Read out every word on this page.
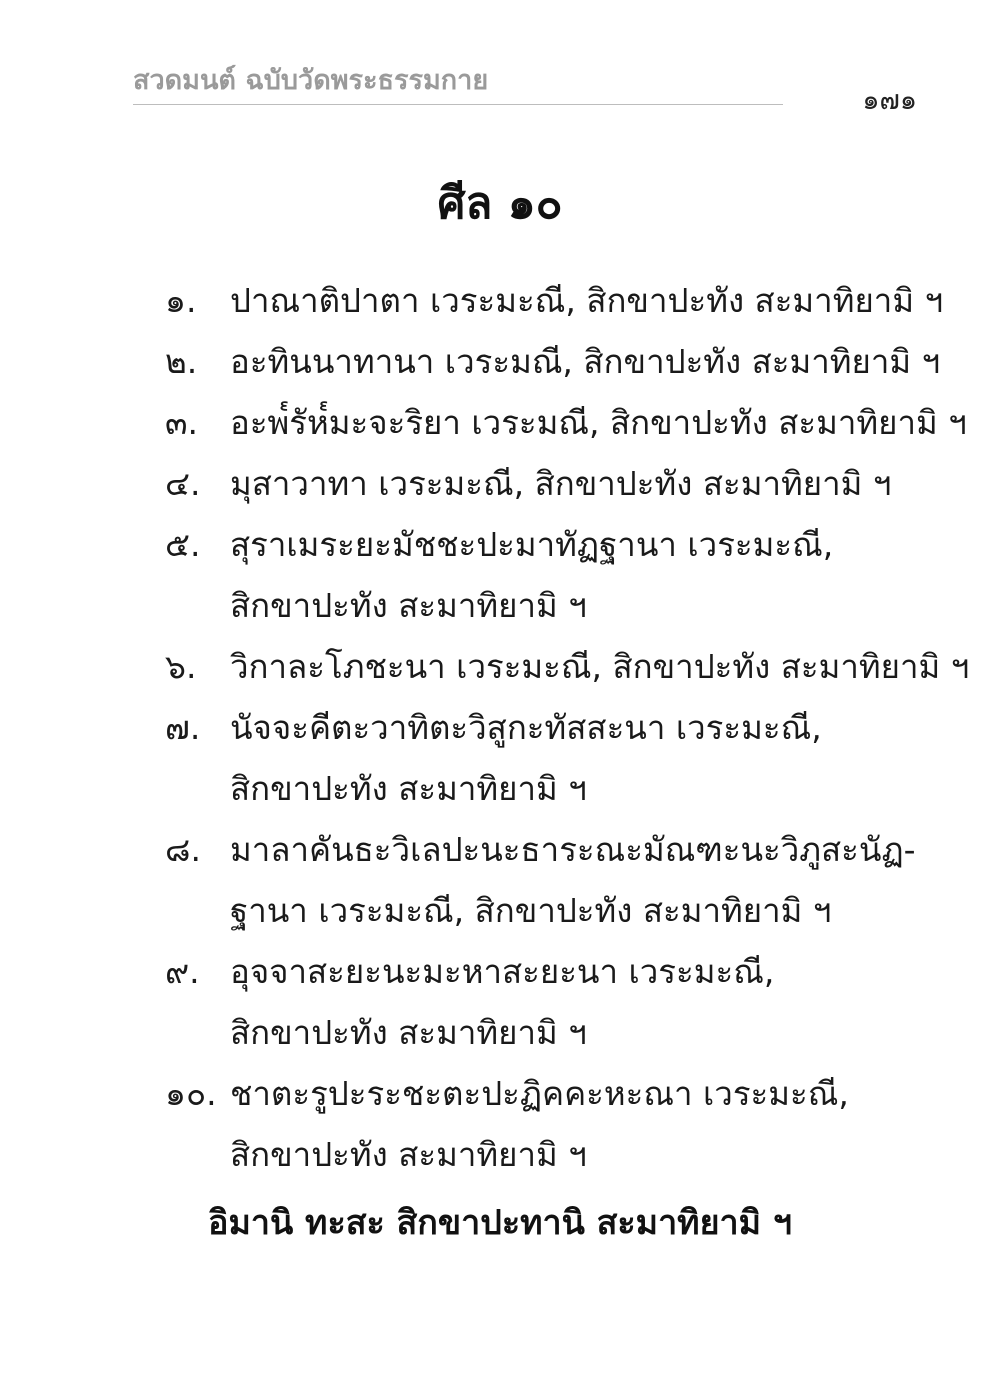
สวดมนต์ ฉบับวัดพระธรรมกาย
๑๗๑
ศีล ๑๐
๑.	ปาณาติปาตา เวระมะณี, สิกขาปะทัง สะมาทิยามิ ฯ
๒. อะทินนาทานา เวระมณี, สิกขาปะทัง สะมาทิยามิ ฯ
๓. อะพ๎รัห๎มะจะริยา เวระมณี, สิกขาปะทัง สะมาทิยามิ ฯ
๔. มุสาวาทา เวระมะณี, สิกขาปะทัง สะมาทิยามิ ฯ
๕. สุราเมระยะมัชชะปะมาทัฏฐานา เวระมะณี,
สิกขาปะทัง สะมาทิยามิ ฯ
๖.	วิกาละโภชะนา เวระมะณี, สิกขาปะทัง สะมาทิยามิ ฯ
๗. นัจจะคีตะวาทิตะวิสูกะทัสสะนา เวระมะณี,
สิกขาปะทัง สะมาทิยามิ ฯ
๘. มาลาคันธะวิเลปะนะธาระณะมัณฑะนะวิภูสะนัฏ-
ฐานา เวระมะณี, สิกขาปะทัง สะมาทิยามิ ฯ
๙. อุจจาสะยะนะมะหาสะยะนา เวระมะณี,
สิกขาปะทัง สะมาทิยามิ ฯ
๑๐. ชาตะรูปะระชะตะปะฏิคคะหะณา เวระมะณี,
สิกขาปะทัง สะมาทิยามิ ฯ
อิมานิ ทะสะ สิกขาปะทานิ สะมาทิยามิ ฯ
